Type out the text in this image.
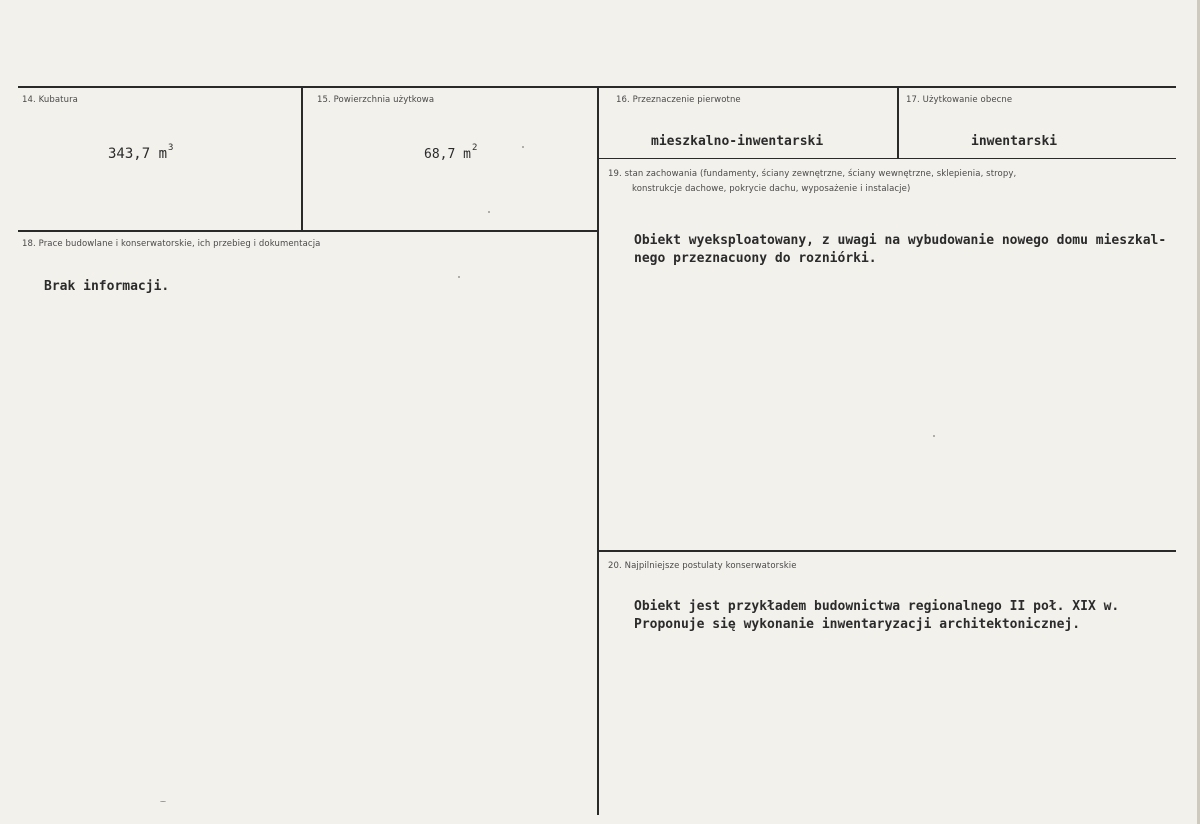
14. Kubatura
343,7 $m^3$
15. Powierzchnia użytkowa
68,7 $m^2$
16. Przeznaczenie pierwotne
mieszkalno-inwentarski
17. Użytkowanie obecne
inwentarski
18. Prace budowlane i konserwatorskie, ich przebieg i dokumentacja
Brak informacji.
19. stan zachowania (fundamenty, ściany zewnętrzne, ściany wewnętrzne, sklepienia, stropy,
konstrukcje dachowe, pokrycie dachu, wyposażenie i instalacje)
Obiekt wyeksploatowany, z uwagi na wybudowanie nowego domu mieszkal-
nego przeznacuony do rozniórki.
20. Najpilniejsze postulaty konserwatorskie
Obiekt jest przykładem budownictwa regionalnego II poł. XIX w.
Proponuje się wykonanie inwentaryzacji architektonicznej.
